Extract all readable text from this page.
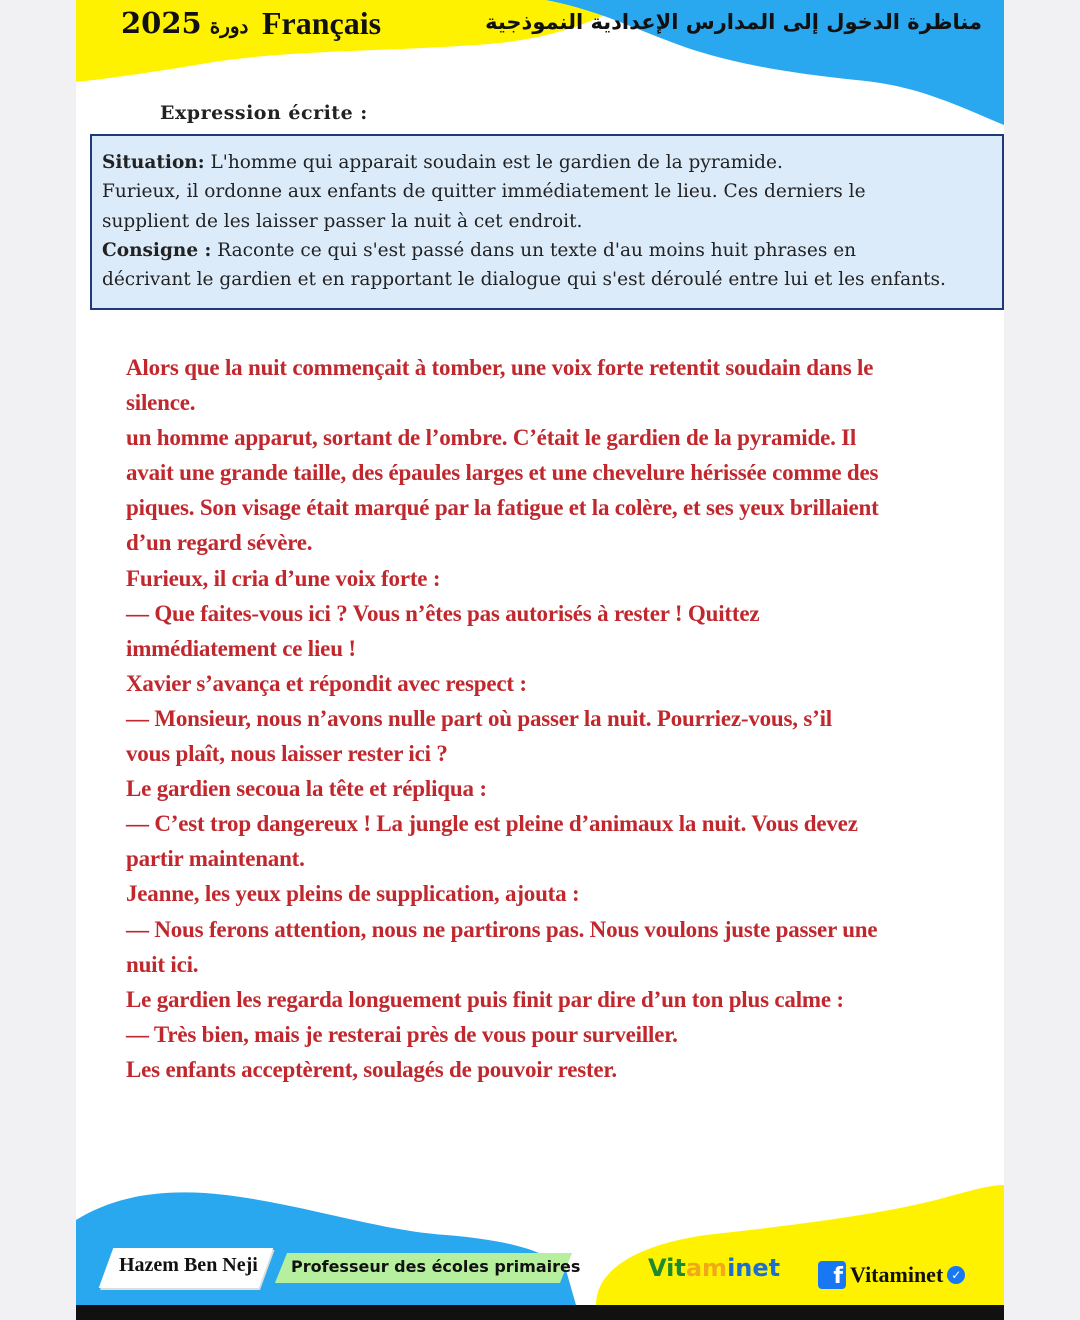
2025 دورة Français	مناظرة الدخول إلى المدارس الإعدادية النموذجية
Expression écrite :

Situation: L'homme qui apparait soudain est le gardien de la pyramide.

Furieux, il ordonne aux enfants de quitter immédiatement le lieu. Ces derniers le

supplient de les laisser passer la nuit à cet endroit.

Consigne : Raconte ce qui s'est passé dans un texte d'au moins huit phrases en

décrivant le gardien et en rapportant le dialogue qui s'est déroulé entre lui et les enfants.

Alors que la nuit commençait à tomber, une voix forte retentit soudain dans le

silence.

un homme apparut, sortant de l’ombre. C’était le gardien de la pyramide. Il

avait une grande taille, des épaules larges et une chevelure hérissée comme des

piques. Son visage était marqué par la fatigue et la colère, et ses yeux brillaient

d’un regard sévère.

Furieux, il cria d’une voix forte :

— Que faites-vous ici ? Vous n’êtes pas autorisés à rester ! Quittez

immédiatement ce lieu !

Xavier s’avança et répondit avec respect :

— Monsieur, nous n’avons nulle part où passer la nuit. Pourriez-vous, s’il

vous plaît, nous laisser rester ici ?

Le gardien secoua la tête et répliqua :

— C’est trop dangereux ! La jungle est pleine d’animaux la nuit. Vous devez

partir maintenant.

Jeanne, les yeux pleins de supplication, ajouta :

— Nous ferons attention, nous ne partirons pas. Nous voulons juste passer une

nuit ici.

Le gardien les regarda longuement puis finit par dire d’un ton plus calme :

— Très bien, mais je resterai près de vous pour surveiller.

Les enfants acceptèrent, soulagés de pouvoir rester.

Hazem Ben Neji Professeur des écoles primaires	Vit am inet	f Vitaminet ✓
